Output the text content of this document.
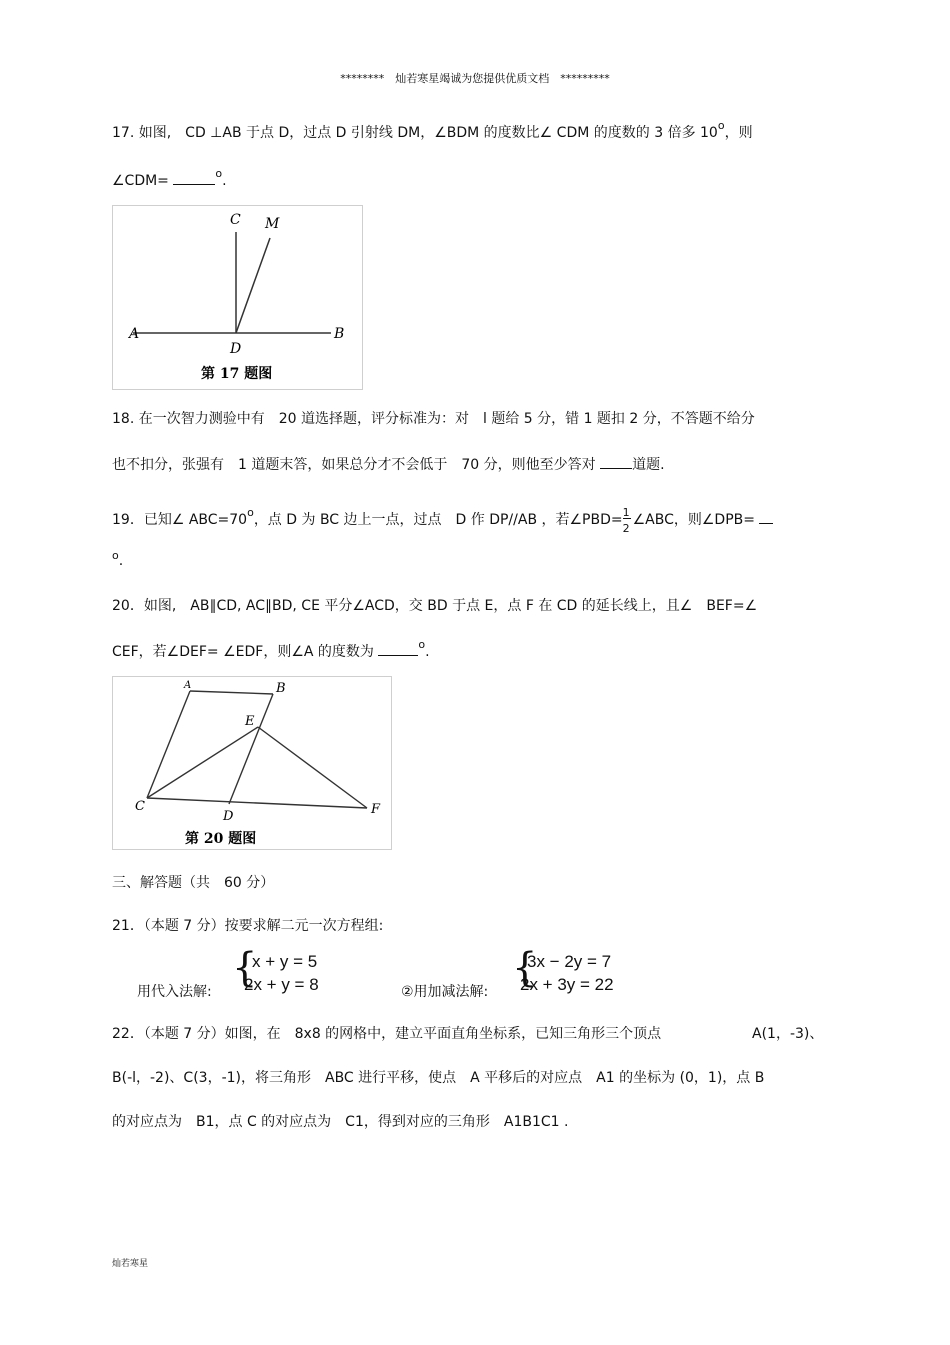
********　灿若寒星竭诚为您提供优质文档　*********
17. 如图,　CD ⊥AB 于点 D，过点 D 引射线 DM，∠BDM 的度数比∠ CDM 的度数的 3 倍多 10$^o$，则
∠CDM=	$^o$.
C M
A	B
D
第 17 题图
18. 在一次智力测验中有　20 道选择题，评分标准为：对　l 题给 5 分，错 1 题扣 2 分，不答题不给分
也不扣分，张强有　1 道题末答，如果总分才不会低于　70 分，则他至少答对	道题.
19．已知∠ $ABC=70^o$，点 D 为 BC 边上一点，过点　D 作 DP//AB ，若∠PBD=
$\frac{1}{2}$
∠ABC，则∠DPB=
$^o$.
20．如图,　AB∥CD, AC∥BD, CE 平分∠ACD，交 BD 于点 E，点 F 在 CD 的延长线上，且∠　BEF=∠
CEF，若∠DEF= ∠EDF，则∠A 的度数为	$^o$.
A	B
E
C
D	F
第 20 题图
三、解答题（共　60 分）
21．（本题 7 分）按要求解二元一次方程组:
用代入法解:
{
x + y = 5
2x + y = 8	②用加减法解:
{
3x − 2y = 7
2x + 3y = 22
22．（本题 7 分）如图，在　8x8 的网格中，建立平面直角坐标系，已知三角形三个顶点	A(1，-3)、
B(-l，-2)、C(3，-1)，将三角形　ABC 进行平移，使点　A 平移后的对应点　A1 的坐标为 (0，1)，点 B
的对应点为　B1，点 C 的对应点为　C1，得到对应的三角形　A1B1C1 .
灿若寒星
